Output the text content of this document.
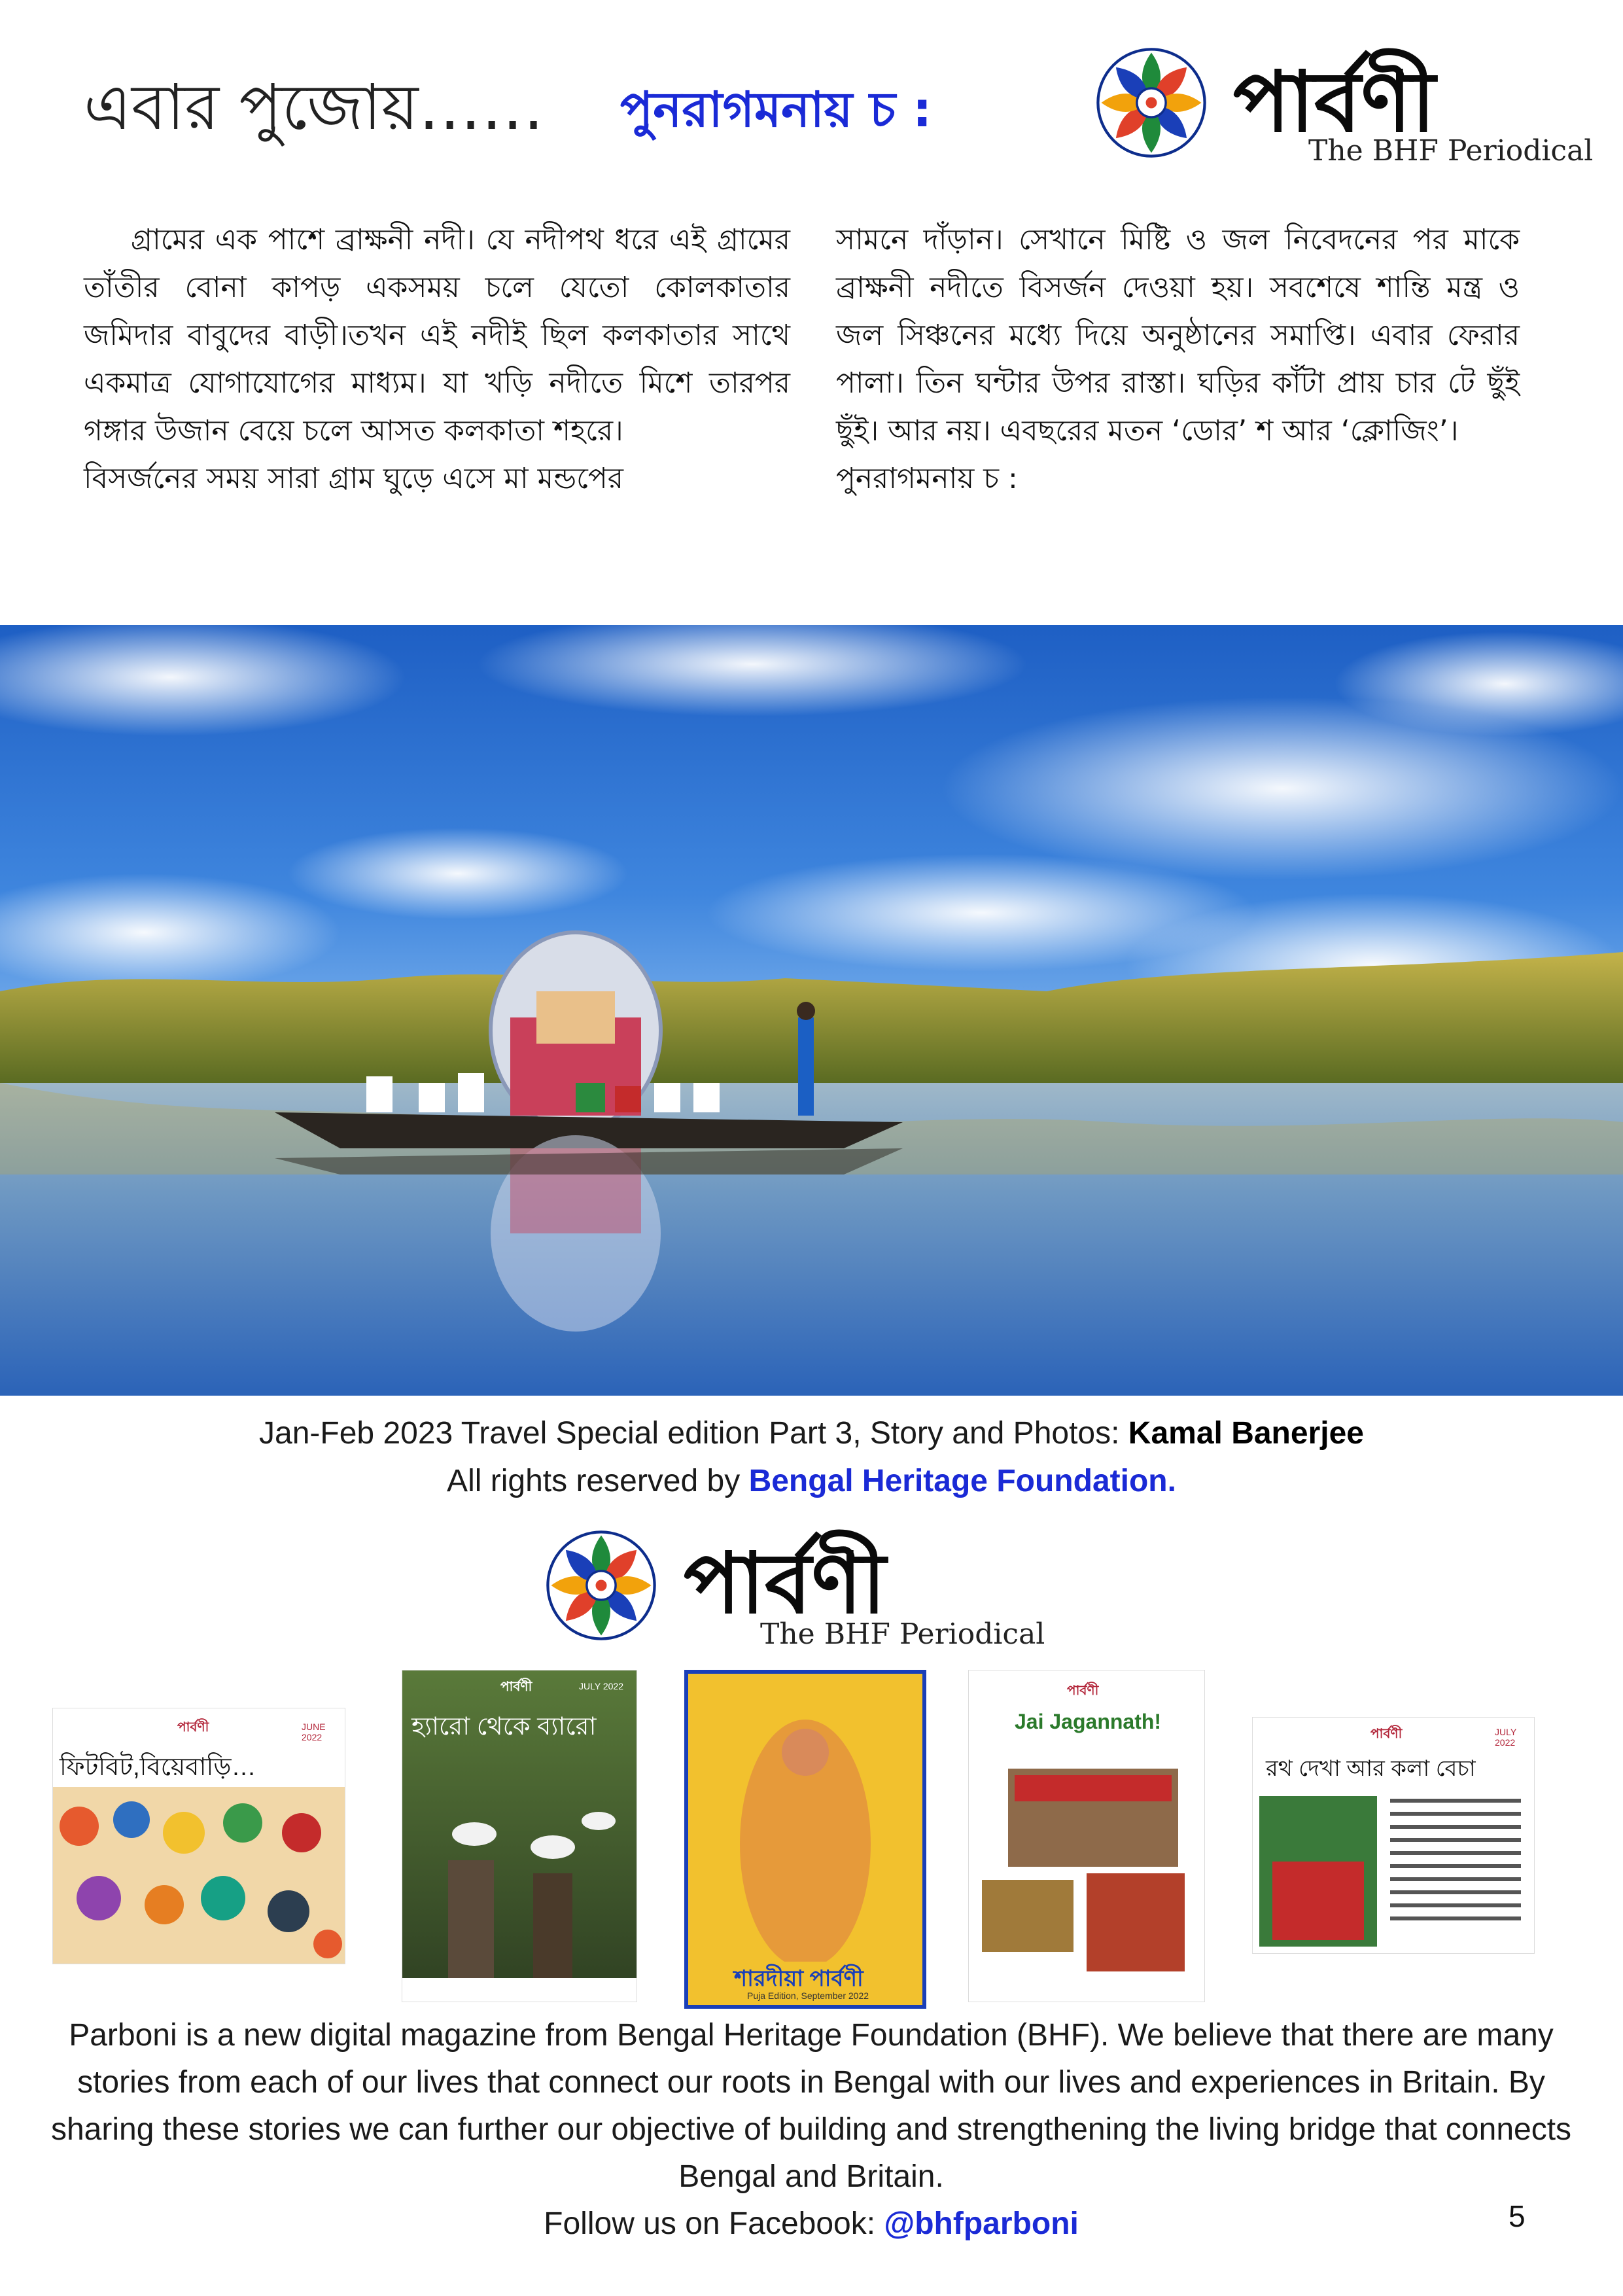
এবার পুজোয়…… পুনরাগমনায় চ :	পার্বণী
The BHF Periodical
গ্রামের এক পাশে ব্রাক্ষনী নদী। যে নদীপথ ধরে এই গ্রামের তাঁতীর বোনা কাপড় একসময় চলে যেতো কোলকাতার জমিদার বাবুদের বাড়ী।তখন এই নদীই ছিল কলকাতার সাথে একমাত্র যোগাযোগের মাধ্যম। যা খড়ি নদীতে মিশে তারপর গঙ্গার উজান বেয়ে চলে আসত কলকাতা শহরে।
বিসর্জনের সময় সারা গ্রাম ঘুড়ে এসে মা মন্ডপের
সামনে দাঁড়ান। সেখানে মিষ্টি ও জল নিবেদনের পর মাকে ব্রাক্ষনী নদীতে বিসর্জন দেওয়া হয়। সবশেষে শান্তি মন্ত্র ও জল সিঞ্চনের মধ্যে দিয়ে অনুষ্ঠানের সমাপ্তি। এবার ফেরার পালা। তিন ঘন্টার উপর রাস্তা। ঘড়ির কাঁটা প্রায় চার টে ছুঁই ছুঁই। আর নয়। এবছরের মতন ‘ডোর’ শ আর ‘ক্লোজিং’।
পুনরাগমনায় চ :
Jan-Feb 2023 Travel Special edition Part 3, Story and Photos: Kamal Banerjee
All rights reserved by Bengal Heritage Foundation.
পার্বণী
The BHF Periodical
পার্বণী	JUNE 2022
ফিটবিট,বিয়েবাড়ি…
পার্বণী	JULY 2022
হ্যারো থেকে ব্যারো
শারদীয়া পার্বণী
Puja Edition, September 2022
পার্বণী
Jai Jagannath!
পার্বণী	JULY 2022
রথ দেখা আর কলা বেচা
Parboni is a new digital magazine from Bengal Heritage Foundation (BHF). We believe that there are many stories from each of our lives that connect our roots in Bengal with our lives and experiences in Britain. By sharing these stories we can further our objective of building and strengthening the living bridge that connects Bengal and Britain.
Follow us on Facebook: @bhfparboni	5
